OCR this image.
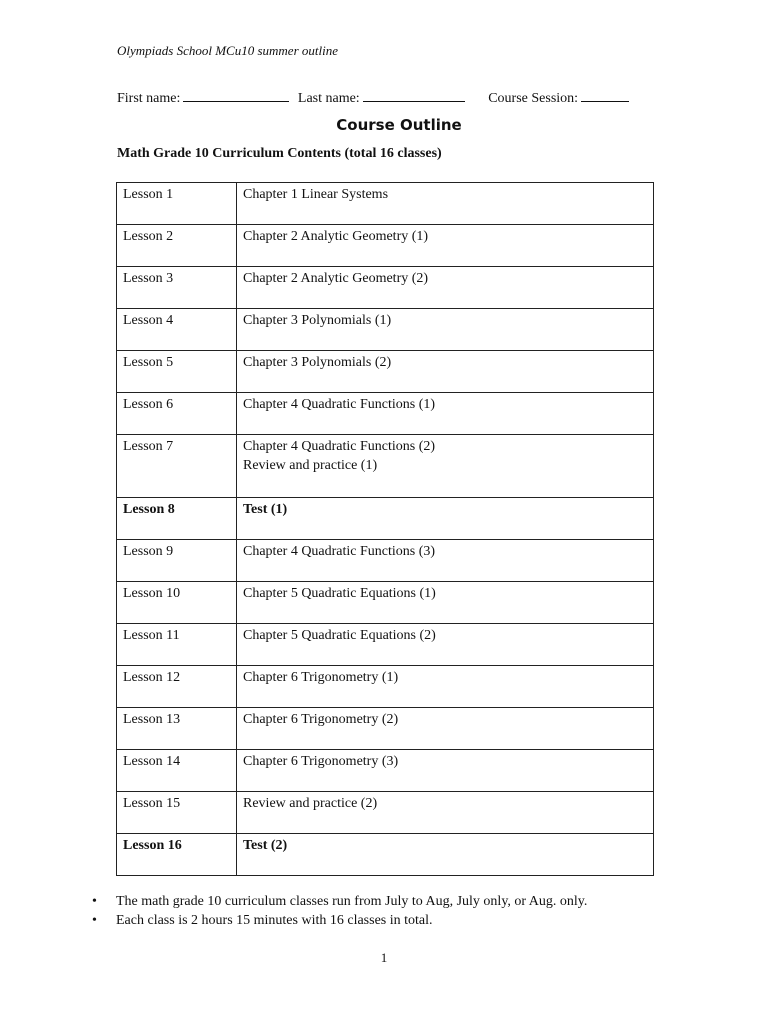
Olympiads School MCu10 summer outline
First name:	Last name:	Course Session:
Course Outline
Math Grade 10 Curriculum Contents (total 16 classes)
Lesson 1	Chapter 1 Linear Systems

Lesson 2	Chapter 2 Analytic Geometry (1)

Lesson 3	Chapter 2 Analytic Geometry (2)

Lesson 4	Chapter 3 Polynomials (1)

Lesson 5	Chapter 3 Polynomials (2)

Lesson 6	Chapter 4 Quadratic Functions (1)

Lesson 7	Chapter 4 Quadratic Functions (2)
Review and practice (1)

Lesson 8	Test (1)

Lesson 9	Chapter 4 Quadratic Functions (3)

Lesson 10	Chapter 5 Quadratic Equations (1)

Lesson 11	Chapter 5 Quadratic Equations (2)

Lesson 12	Chapter 6 Trigonometry (1)

Lesson 13	Chapter 6 Trigonometry (2)

Lesson 14	Chapter 6 Trigonometry (3)

Lesson 15	Review and practice (2)

Lesson 16	Test (2)
• The math grade 10 curriculum classes run from July to Aug, July only, or Aug. only.
• Each class is 2 hours 15 minutes with 16 classes in total.
1
